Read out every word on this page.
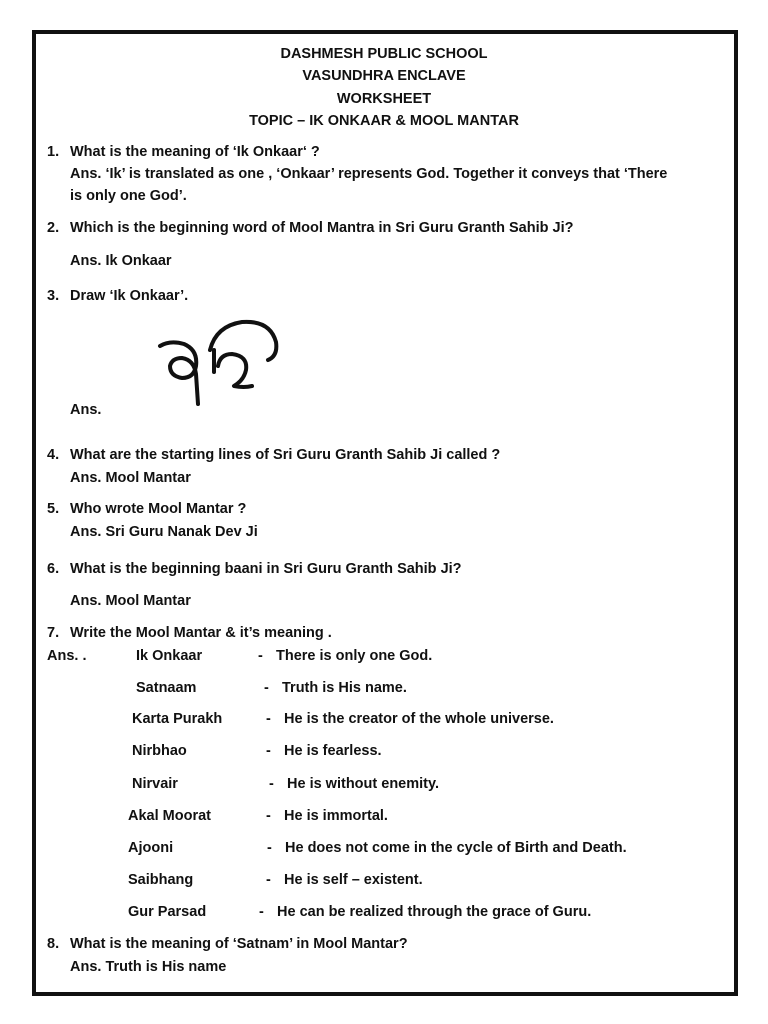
DASHMESH PUBLIC SCHOOL
VASUNDHRA ENCLAVE
WORKSHEET
TOPIC – IK ONKAAR & MOOL MANTAR
1. What is the meaning of ‘Ik Onkaar‘ ?
Ans. ‘Ik’ is translated as one , ‘Onkaar’ represents God. Together it conveys that ‘There
is only one God’.
2. Which is the beginning word of Mool Mantra in Sri Guru Granth Sahib Ji?
Ans. Ik Onkaar
3. Draw ‘Ik Onkaar’.
Ans.
4. What are the starting lines of Sri Guru Granth Sahib Ji called ?
Ans. Mool Mantar
5. Who wrote Mool Mantar ?
Ans. Sri Guru Nanak Dev Ji
6. What is the beginning baani in Sri Guru Granth Sahib Ji?
Ans. Mool Mantar
7. Write the Mool Mantar & it’s meaning .
Ans. .	Ik Onkaar	- There is only one God.
Satnaam	- Truth is His name.
Karta Purakh	- He is the creator of the whole universe.
Nirbhao	- He is fearless.
Nirvair	- He is without enemity.
Akal Moorat	- He is immortal.
Ajooni	- He does not come in the cycle of Birth and Death.
Saibhang	- He is self – existent.
Gur Parsad	- He can be realized through the grace of Guru.
8. What is the meaning of ‘Satnam’ in Mool Mantar?
Ans. Truth is His name
